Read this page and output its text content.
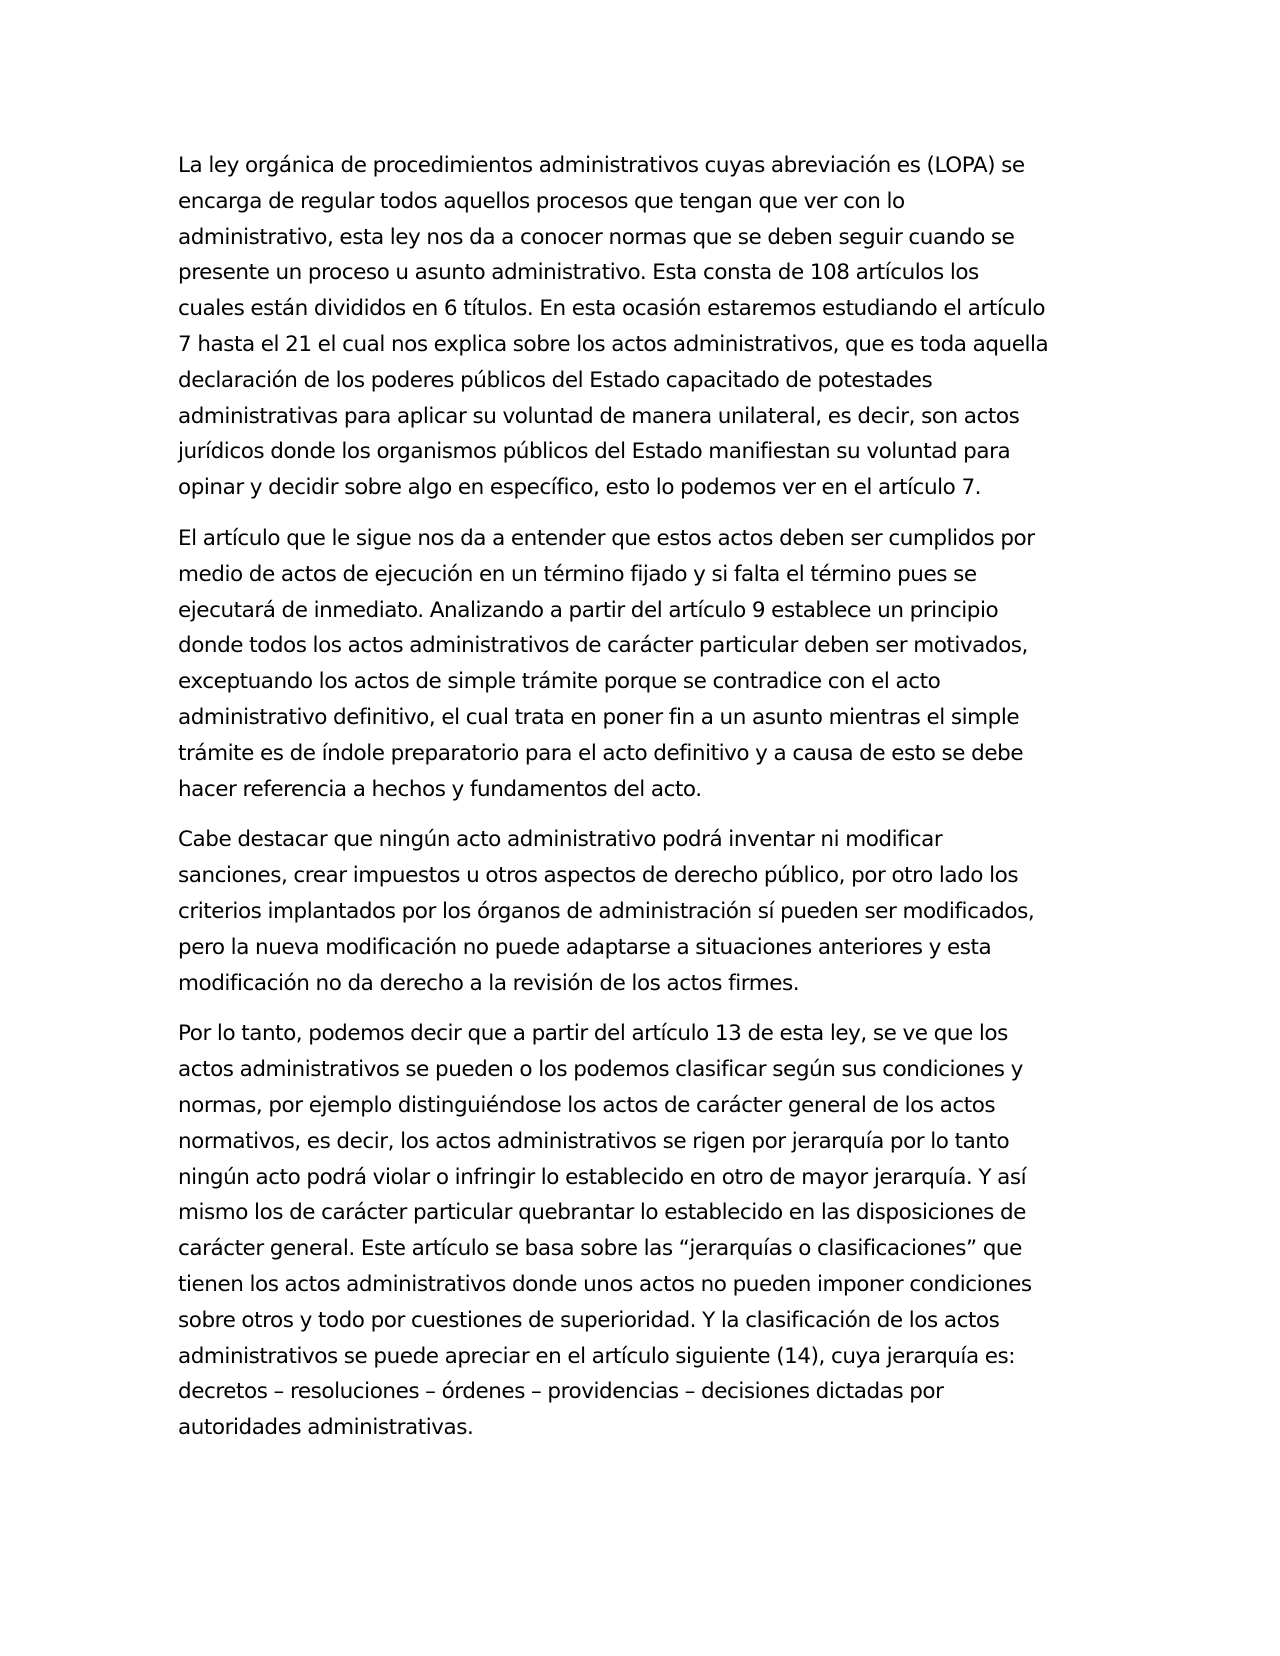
La ley orgánica de procedimientos administrativos cuyas abreviación es (LOPA) se
encarga de regular todos aquellos procesos que tengan que ver con lo
administrativo, esta ley nos da a conocer normas que se deben seguir cuando se
presente un proceso u asunto administrativo. Esta consta de 108 artículos los
cuales están divididos en 6 títulos. En esta ocasión estaremos estudiando el artículo
7 hasta el 21 el cual nos explica sobre los actos administrativos, que es toda aquella
declaración de los poderes públicos del Estado capacitado de potestades
administrativas para aplicar su voluntad de manera unilateral, es decir, son actos
jurídicos donde los organismos públicos del Estado manifiestan su voluntad para
opinar y decidir sobre algo en específico, esto lo podemos ver en el artículo 7.

El artículo que le sigue nos da a entender que estos actos deben ser cumplidos por
medio de actos de ejecución en un término fijado y si falta el término pues se
ejecutará de inmediato. Analizando a partir del artículo 9 establece un principio
donde todos los actos administrativos de carácter particular deben ser motivados,
exceptuando los actos de simple trámite porque se contradice con el acto
administrativo definitivo, el cual trata en poner fin a un asunto mientras el simple
trámite es de índole preparatorio para el acto definitivo y a causa de esto se debe
hacer referencia a hechos y fundamentos del acto.

Cabe destacar que ningún acto administrativo podrá inventar ni modificar
sanciones, crear impuestos u otros aspectos de derecho público, por otro lado los
criterios implantados por los órganos de administración sí pueden ser modificados,
pero la nueva modificación no puede adaptarse a situaciones anteriores y esta
modificación no da derecho a la revisión de los actos firmes.

Por lo tanto, podemos decir que a partir del artículo 13 de esta ley, se ve que los
actos administrativos se pueden o los podemos clasificar según sus condiciones y
normas, por ejemplo distinguiéndose los actos de carácter general de los actos
normativos, es decir, los actos administrativos se rigen por jerarquía por lo tanto
ningún acto podrá violar o infringir lo establecido en otro de mayor jerarquía. Y así
mismo los de carácter particular quebrantar lo establecido en las disposiciones de
carácter general. Este artículo se basa sobre las “jerarquías o clasificaciones” que
tienen los actos administrativos donde unos actos no pueden imponer condiciones
sobre otros y todo por cuestiones de superioridad. Y la clasificación de los actos
administrativos se puede apreciar en el artículo siguiente (14), cuya jerarquía es:
decretos – resoluciones – órdenes – providencias – decisiones dictadas por
autoridades administrativas.
